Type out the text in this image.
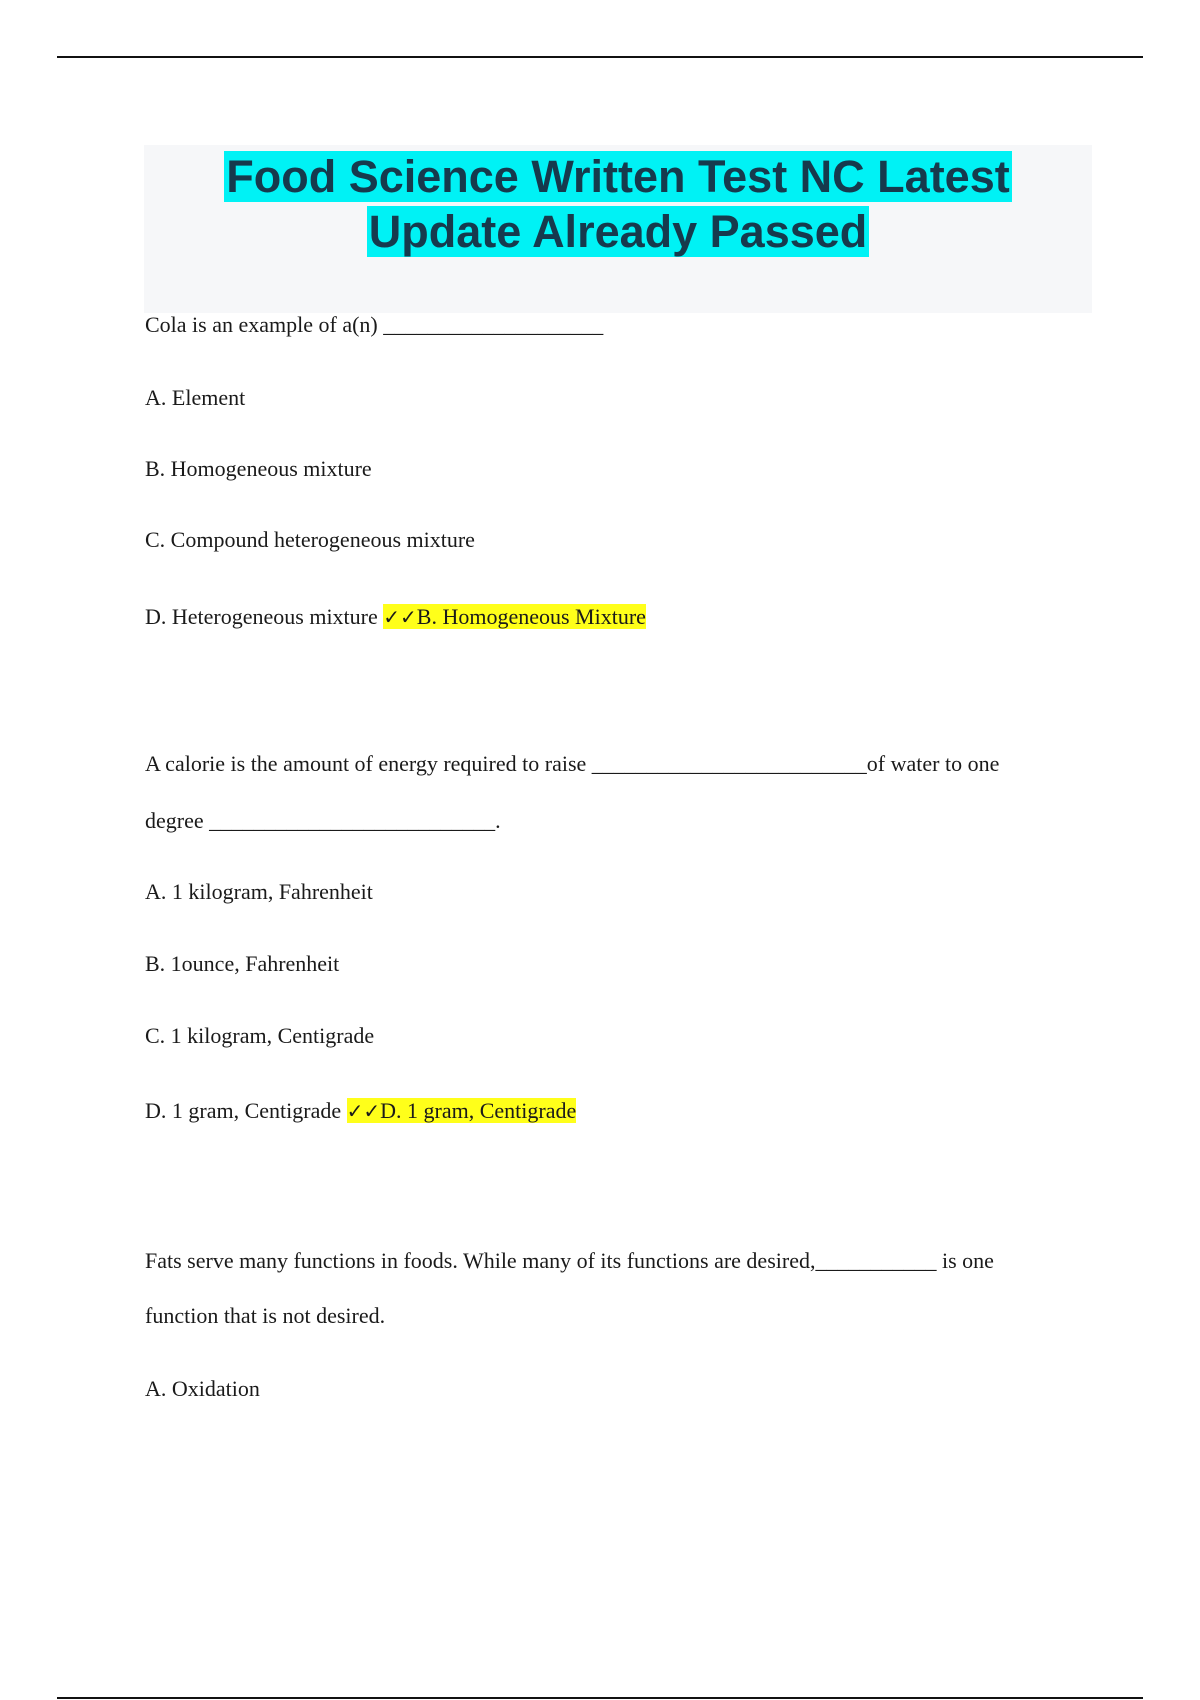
Food Science Written Test NC Latest
Update Already Passed

Cola is an example of a(n) ____________________

A. Element

B. Homogeneous mixture

C. Compound heterogeneous mixture

D. Heterogeneous mixture ✓✓B. Homogeneous Mixture

A calorie is the amount of energy required to raise _________________________of water to one

degree __________________________.

A. 1 kilogram, Fahrenheit

B. 1ounce, Fahrenheit

C. 1 kilogram, Centigrade

D. 1 gram, Centigrade ✓✓D. 1 gram, Centigrade

Fats serve many functions in foods. While many of its functions are desired,___________ is one

function that is not desired.

A. Oxidation
